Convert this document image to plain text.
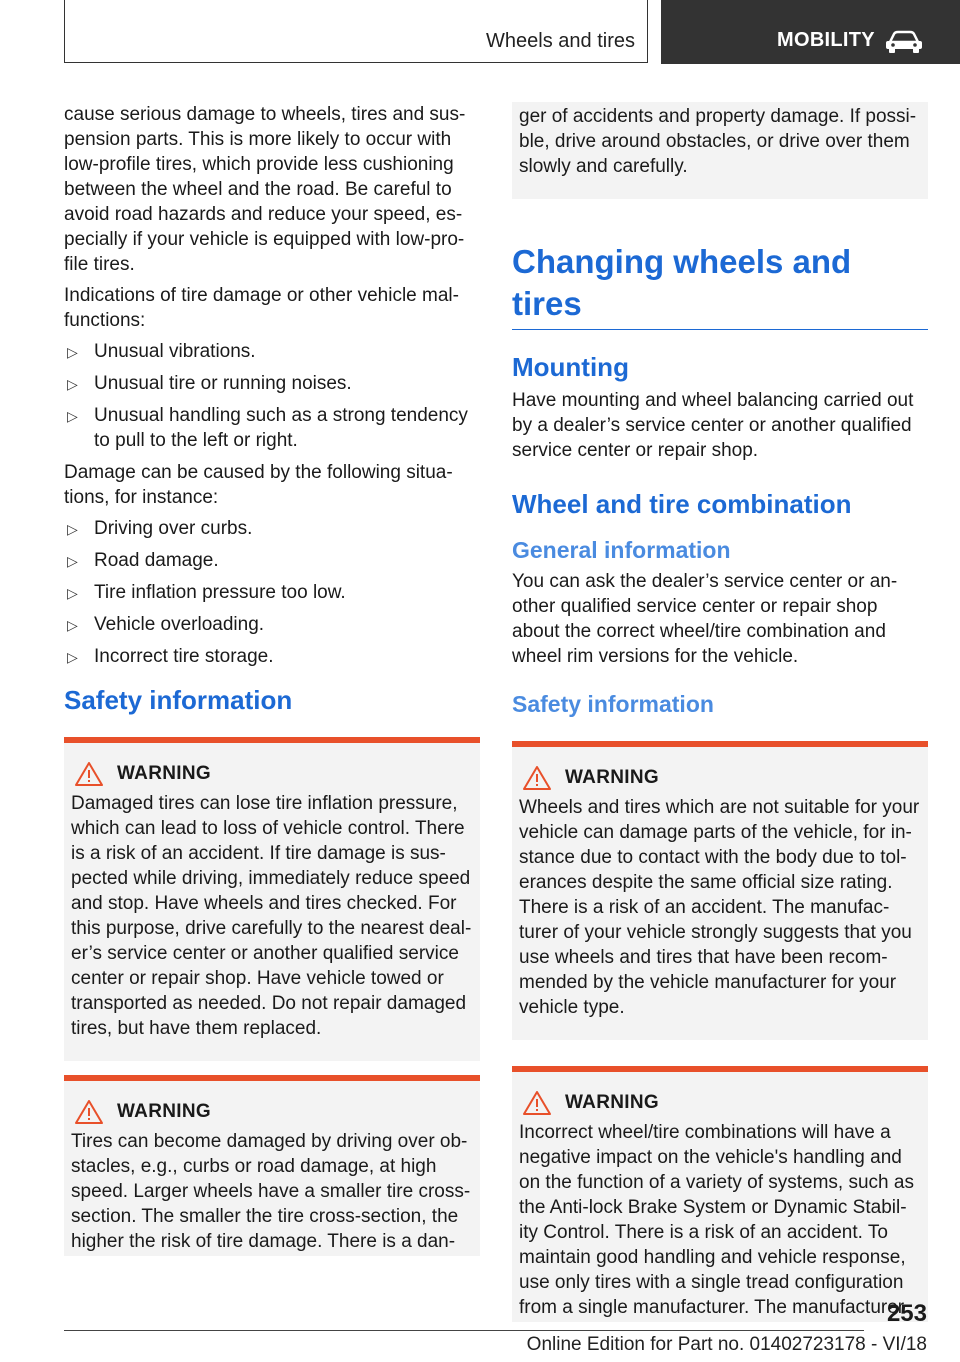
Wheels and tires	MOBILITY

cause serious damage to wheels, tires and sus-pension parts. This is more likely to occur with low-profile tires, which provide less cushioning between the wheel and the road. Be careful to avoid road hazards and reduce your speed, es-pecially if your vehicle is equipped with low-pro-file tires.

Indications of tire damage or other vehicle mal-functions:

▷ Unusual vibrations.
▷ Unusual tire or running noises.
▷ Unusual handling such as a strong tendency to pull to the left or right.

Damage can be caused by the following situa-tions, for instance:

▷ Driving over curbs.
▷ Road damage.
▷ Tire inflation pressure too low.
▷ Vehicle overloading.
▷ Incorrect tire storage.
Safety information
WARNING

Damaged tires can lose tire inflation pressure, which can lead to loss of vehicle control. There is a risk of an accident. If tire damage is sus-pected while driving, immediately reduce speed and stop. Have wheels and tires checked. For this purpose, drive carefully to the nearest deal-er’s service center or another qualified service center or repair shop. Have vehicle towed or transported as needed. Do not repair damaged tires, but have them replaced.

WARNING

Tires can become damaged by driving over ob-stacles, e.g., curbs or road damage, at high speed. Larger wheels have a smaller tire cross-section. The smaller the tire cross-section, the higher the risk of tire damage. There is a dan-

ger of accidents and property damage. If possi-ble, drive around obstacles, or drive over them slowly and carefully.

Changing wheels and tires
Mounting

Have mounting and wheel balancing carried out by a dealer’s service center or another qualified service center or repair shop.

Wheel and tire combination
General information

You can ask the dealer’s service center or an-other qualified service center or repair shop about the correct wheel/tire combination and wheel rim versions for the vehicle.

Safety information
WARNING

Wheels and tires which are not suitable for your vehicle can damage parts of the vehicle, for in-stance due to contact with the body due to tol-erances despite the same official size rating. There is a risk of an accident. The manufac-turer of your vehicle strongly suggests that you use wheels and tires that have been recom-mended by the vehicle manufacturer for your vehicle type.

WARNING

Incorrect wheel/tire combinations will have a negative impact on the vehicle's handling and on the function of a variety of systems, such as the Anti-lock Brake System or Dynamic Stabil-ity Control. There is a risk of an accident. To maintain good handling and vehicle response, use only tires with a single tread configuration from a single manufacturer. The manufacturer

253
Online Edition for Part no. 01402723178 - VI/18
